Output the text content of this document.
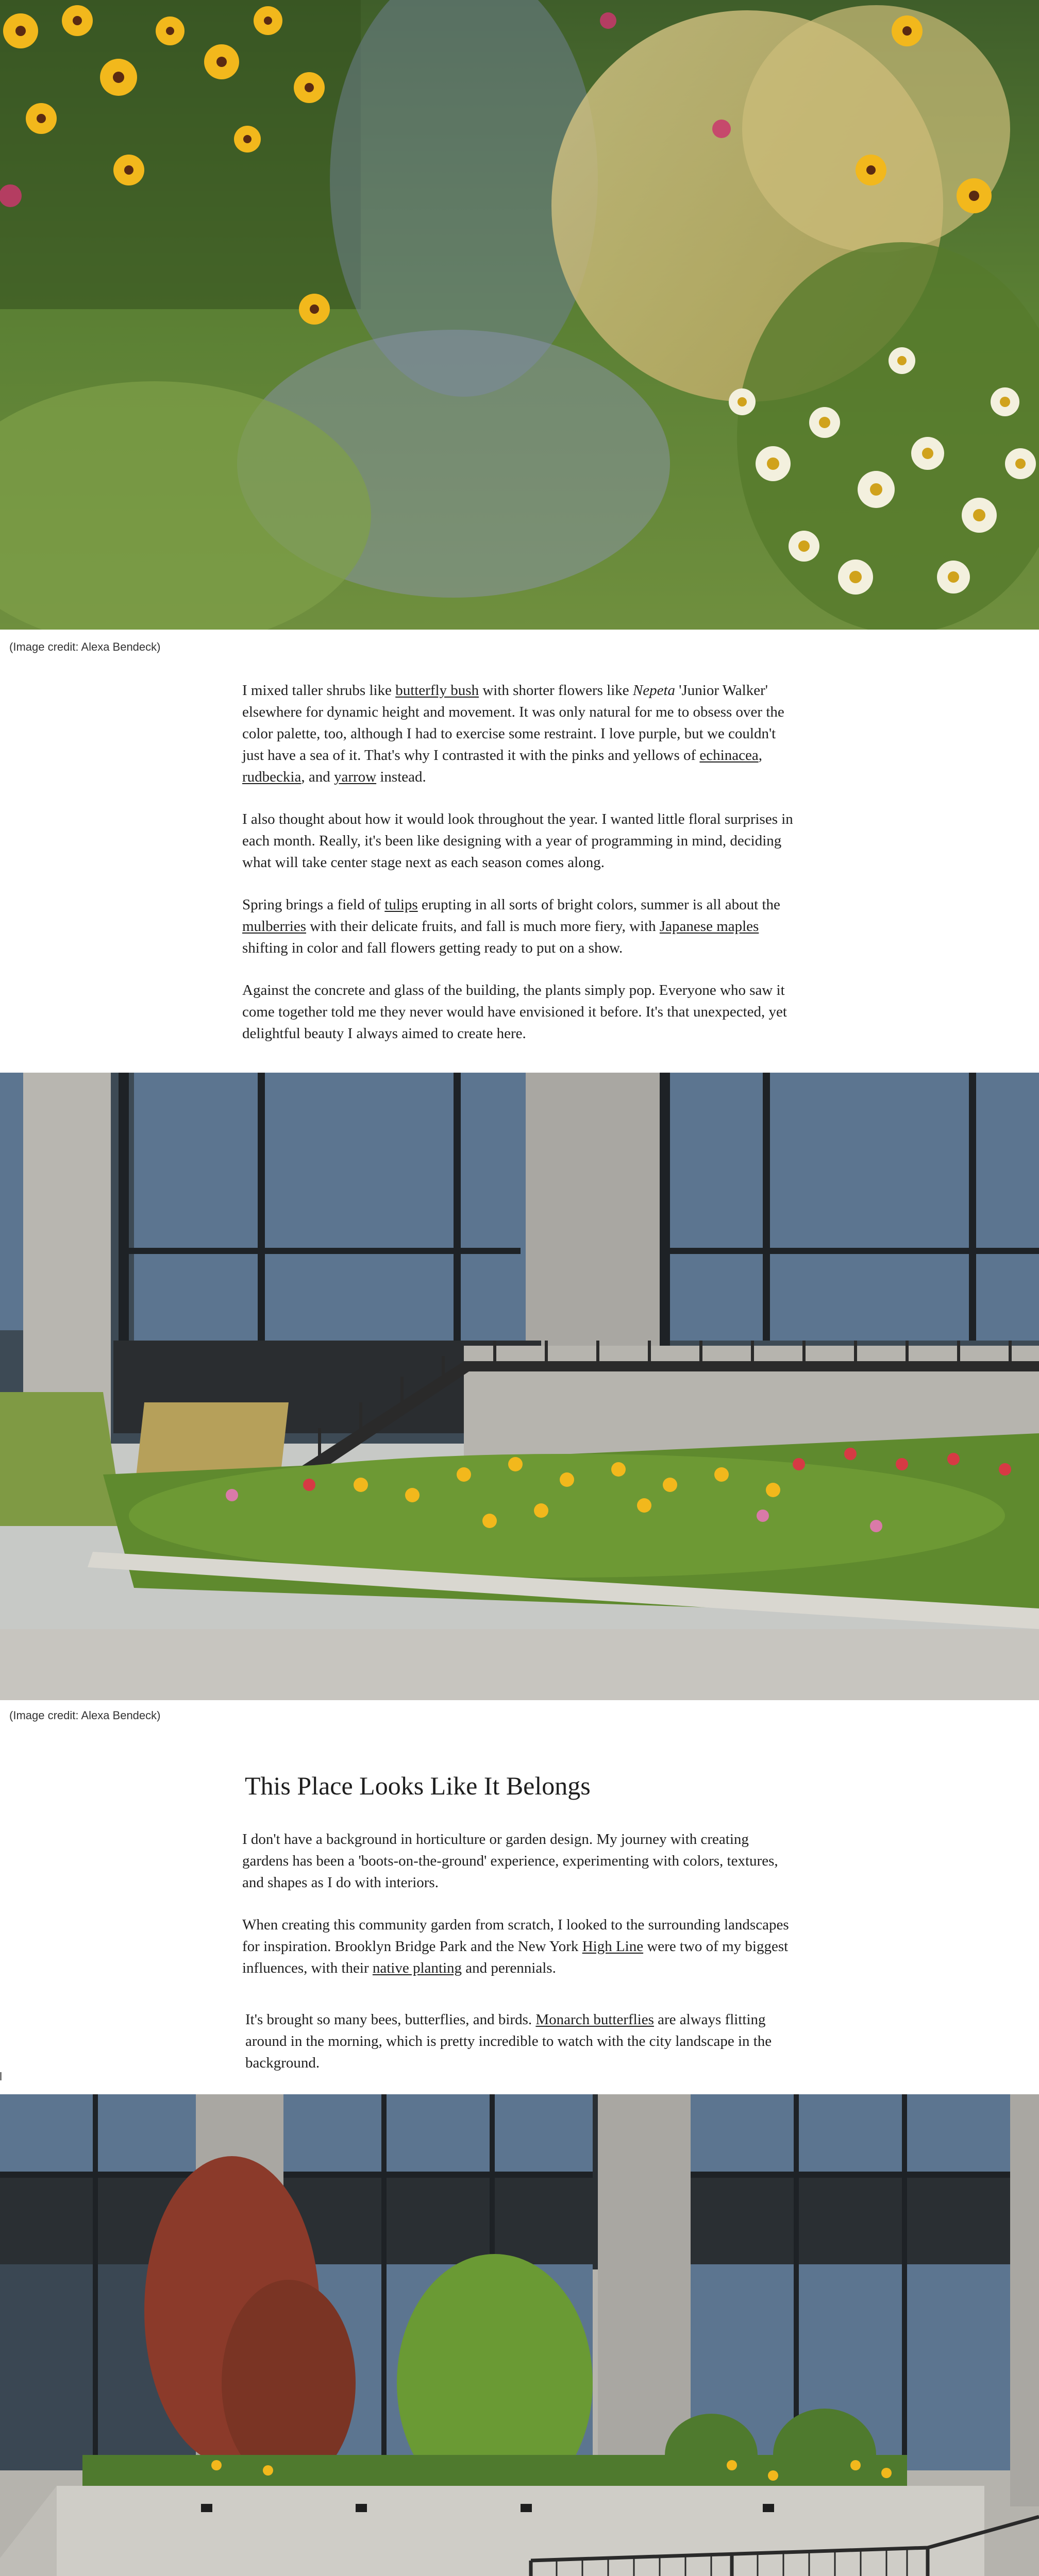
(Image credit: Alexa Bendeck)

I mixed taller shrubs like butterfly bush with shorter flowers like Nepeta 'Junior Walker' elsewhere for dynamic height and movement. It was only natural for me to obsess over the color palette, too, although I had to exercise some restraint. I love purple, but we couldn't just have a sea of it. That's why I contrasted it with the pinks and yellows of echinacea, rudbeckia, and yarrow instead.

I also thought about how it would look throughout the year. I wanted little floral surprises in each month. Really, it's been like designing with a year of programming in mind, deciding what will take center stage next as each season comes along.

Spring brings a field of tulips erupting in all sorts of bright colors, summer is all about the mulberries with their delicate fruits, and fall is much more fiery, with Japanese maples shifting in color and fall flowers getting ready to put on a show.

Against the concrete and glass of the building, the plants simply pop. Everyone who saw it come together told me they never would have envisioned it before. It's that unexpected, yet delightful beauty I always aimed to create here.

(Image credit: Alexa Bendeck)
This Place Looks Like It Belongs

I don't have a background in horticulture or garden design. My journey with creating gardens has been a 'boots-on-the-ground' experience, experimenting with colors, textures, and shapes as I do with interiors.

When creating this community garden from scratch, I looked to the surrounding landscapes for inspiration. Brooklyn Bridge Park and the New York High Line were two of my biggest influences, with their native planting and perennials.

It's brought so many bees, butterflies, and birds. Monarch butterflies are always flitting around in the morning, which is pretty incredible to watch with the city landscape in the background.
